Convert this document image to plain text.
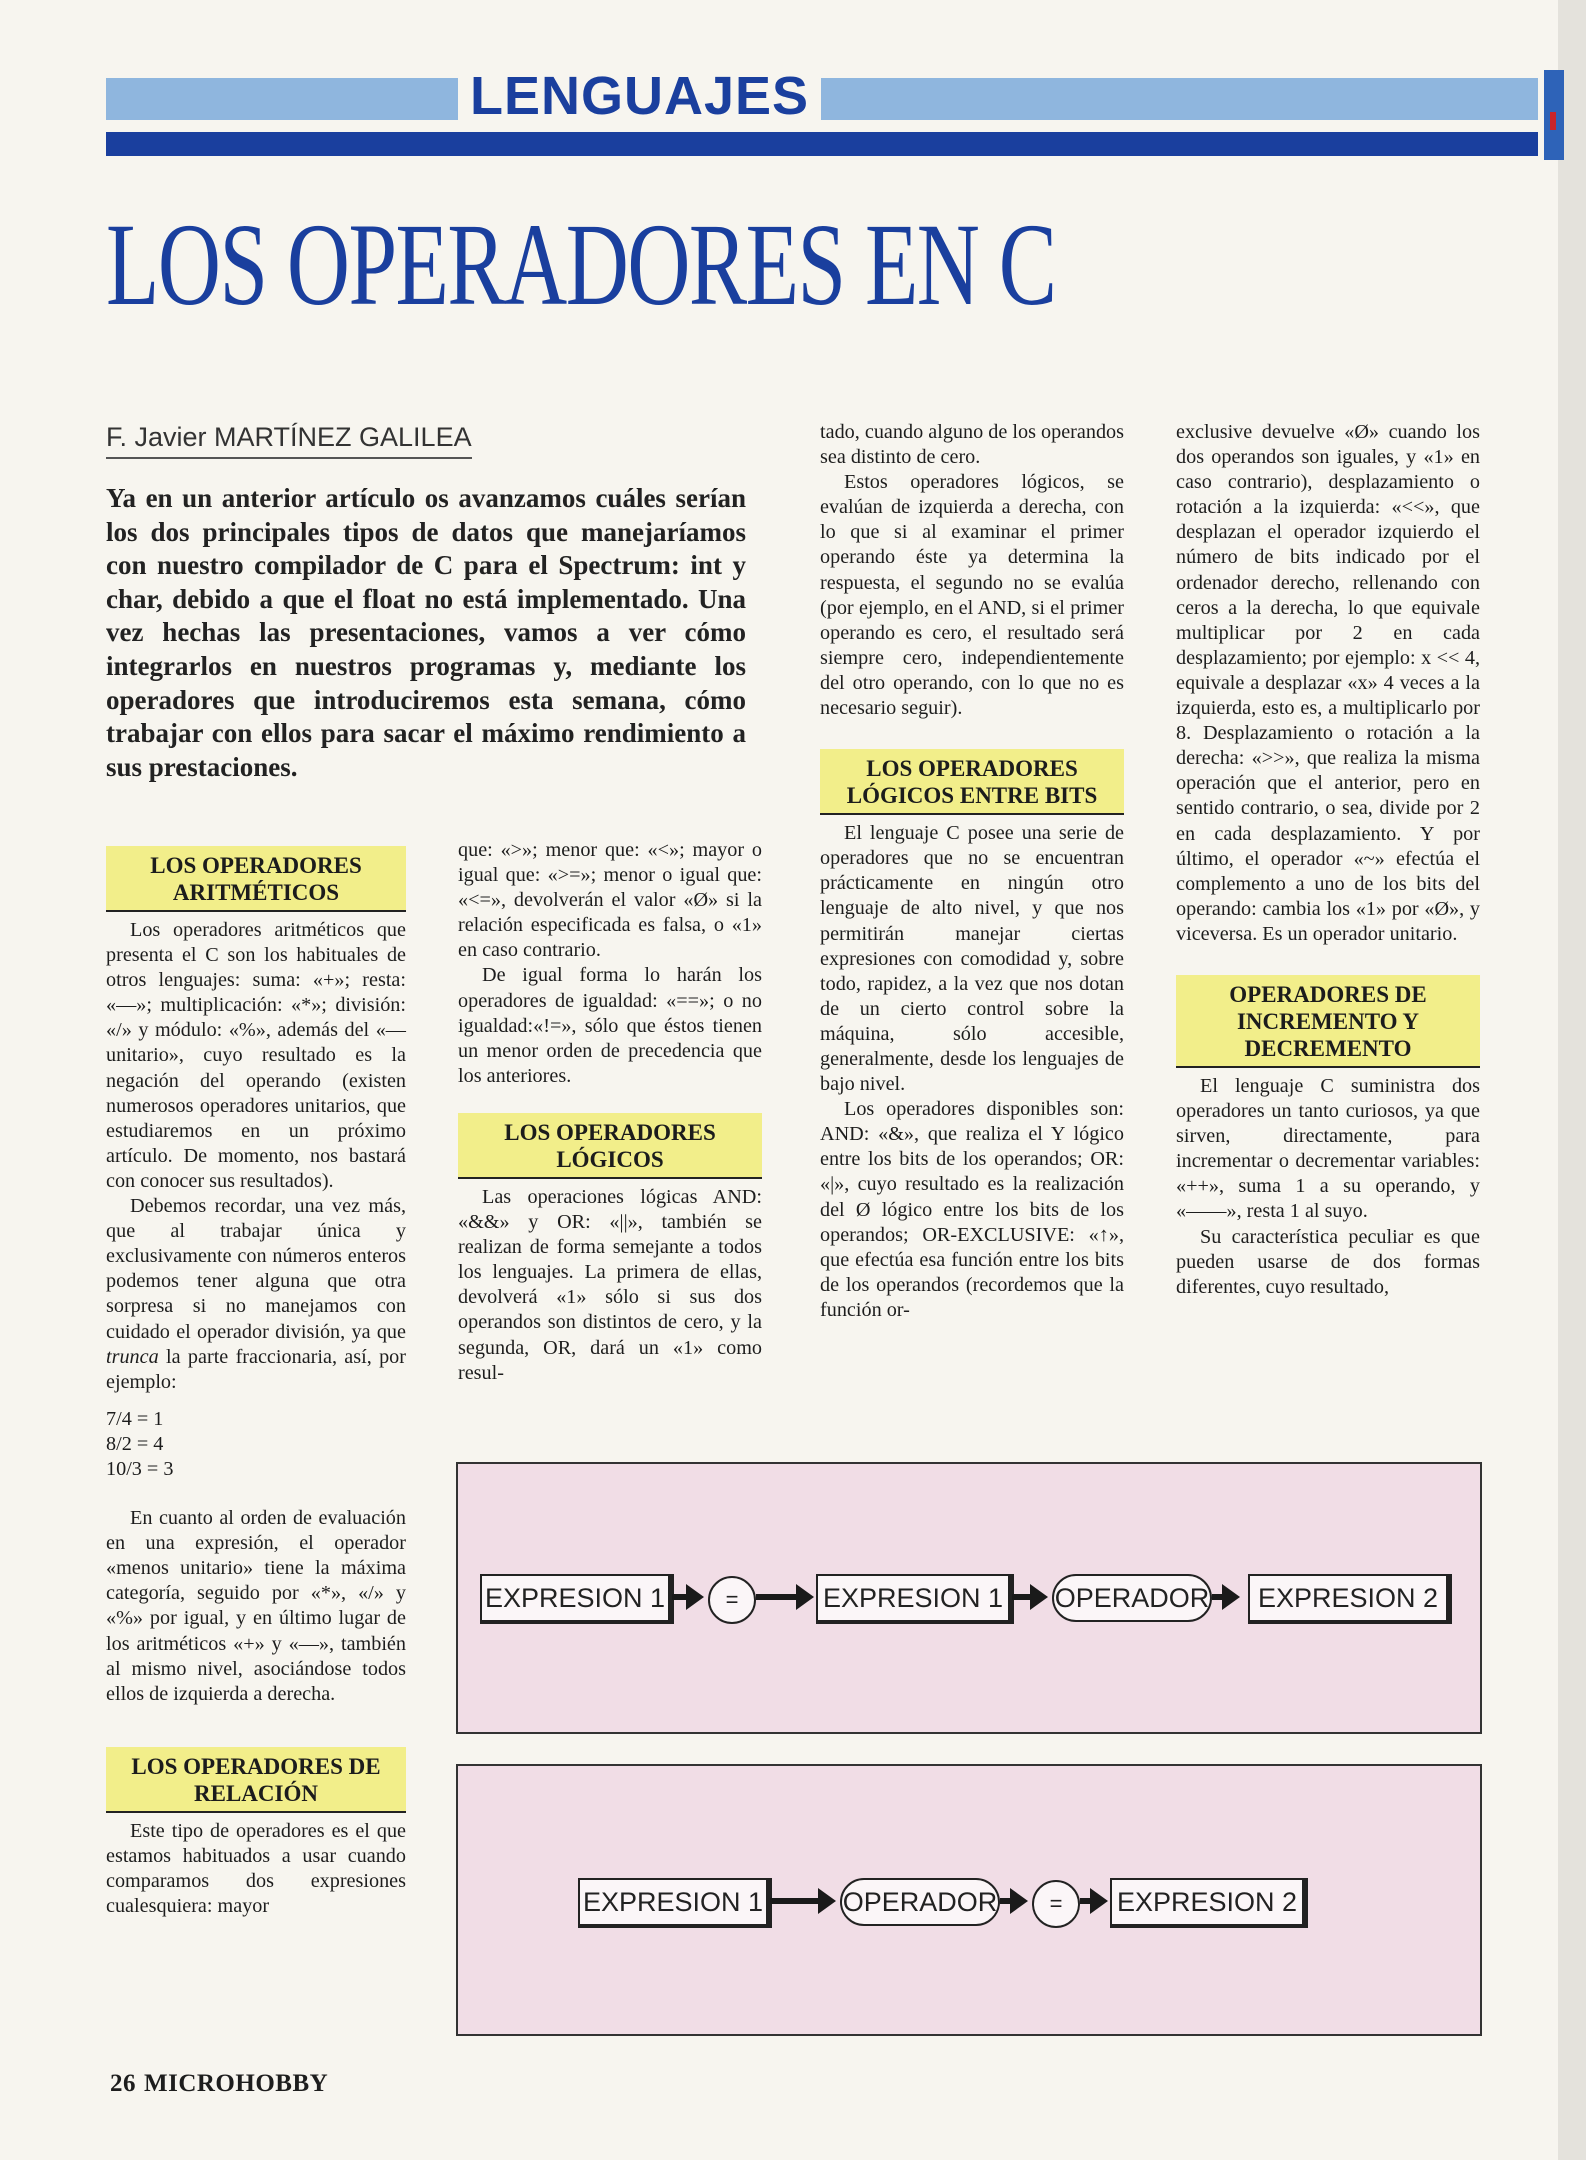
LENGUAJES
LOS OPERADORES EN C
F. Javier MARTÍNEZ GALILEA
Ya en un anterior artículo os avanzamos cuáles serían los dos principales tipos de datos que manejaríamos con nuestro compilador de C para el Spectrum: int y char, debido a que el float no está implementado. Una vez hechas las presentaciones, vamos a ver cómo integrarlos en nuestros programas y, mediante los operadores que introduciremos esta semana, cómo trabajar con ellos para sacar el máximo rendimiento a sus prestaciones.
LOS OPERADORES ARITMÉTICOS

Los operadores aritméticos que presenta el C son los habituales de otros lenguajes: suma: «+»; resta: «—»; multiplicación: «*»; división: «/» y módulo: «%», además del «—unitario», cuyo resultado es la negación del operando (existen numerosos operadores unitarios, que estudiaremos en un próximo artículo. De momento, nos bastará con conocer sus resultados).

Debemos recordar, una vez más, que al trabajar única y exclusivamente con números enteros podemos tener alguna que otra sorpresa si no manejamos con cuidado el operador división, ya que trunca la parte fraccionaria, así, por ejemplo:

7/4 = 1
8/2 = 4
10/3 = 3

En cuanto al orden de evaluación en una expresión, el operador «menos unitario» tiene la máxima categoría, seguido por «*», «/» y «%» por igual, y en último lugar de los aritméticos «+» y «—», también al mismo nivel, asociándose todos ellos de izquierda a derecha.

LOS OPERADORES DE RELACIÓN

Este tipo de operadores es el que estamos habituados a usar cuando comparamos dos expresiones cualesquiera: mayor

que: «>»; menor que: «<»; mayor o igual que: «>=»; menor o igual que: «<=», devolverán el valor «Ø» si la relación especificada es falsa, o «1» en caso contrario.

De igual forma lo harán los operadores de igualdad: «==»; o no igualdad:«!=», sólo que éstos tienen un menor orden de precedencia que los anteriores.

LOS OPERADORES LÓGICOS

Las operaciones lógicas AND: «&&» y OR: «||», también se realizan de forma semejante a todos los lenguajes. La primera de ellas, devolverá «1» sólo si sus dos operandos son distintos de cero, y la segunda, OR, dará un «1» como resul-

tado, cuando alguno de los operandos sea distinto de cero.

Estos operadores lógicos, se evalúan de izquierda a derecha, con lo que si al examinar el primer operando éste ya determina la respuesta, el segundo no se evalúa (por ejemplo, en el AND, si el primer operando es cero, el resultado será siempre cero, independientemente del otro operando, con lo que no es necesario seguir).

LOS OPERADORES LÓGICOS ENTRE BITS

El lenguaje C posee una serie de operadores que no se encuentran prácticamente en ningún otro lenguaje de alto nivel, y que nos permitirán manejar ciertas expresiones con comodidad y, sobre todo, rapidez, a la vez que nos dotan de un cierto control sobre la máquina, sólo accesible, generalmente, desde los lenguajes de bajo nivel.

Los operadores disponibles son: AND: «&», que realiza el Y lógico entre los bits de los operandos; OR: «|», cuyo resultado es la realización del Ø lógico entre los bits de los operandos; OR-EXCLUSIVE: «↑», que efectúa esa función entre los bits de los operandos (recordemos que la función or-

exclusive devuelve «Ø» cuando los dos operandos son iguales, y «1» en caso contrario), desplazamiento o rotación a la izquierda: «<<», que desplazan el operador izquierdo el número de bits indicado por el ordenador derecho, rellenando con ceros a la derecha, lo que equivale multiplicar por 2 en cada desplazamiento; por ejemplo: x << 4, equivale a desplazar «x» 4 veces a la izquierda, esto es, a multiplicarlo por 8. Desplazamiento o rotación a la derecha: «>>», que realiza la misma operación que el anterior, pero en sentido contrario, o sea, divide por 2 en cada desplazamiento. Y por último, el operador «~» efectúa el complemento a uno de los bits del operando: cambia los «1» por «Ø», y viceversa. Es un operador unitario.

OPERADORES DE INCREMENTO Y DECREMENTO

El lenguaje C suministra dos operadores un tanto curiosos, ya que sirven, directamente, para incrementar o decrementar variables: «++», suma 1 a su operando, y «——», resta 1 al suyo.

Su característica peculiar es que pueden usarse de dos formas diferentes, cuyo resultado,

EXPRESION 1	=	EXPRESION 1	OPERADOR	EXPRESION 2
EXPRESION 1	OPERADOR	=	EXPRESION 2
26 MICROHOBBY
